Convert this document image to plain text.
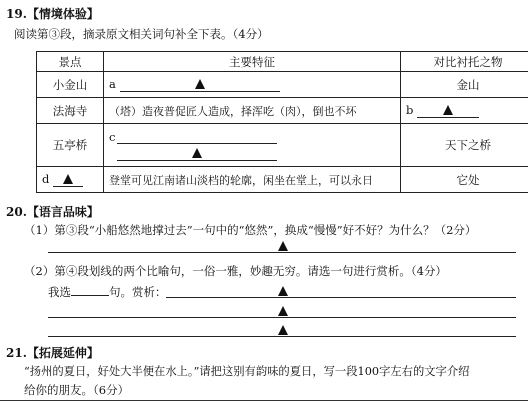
19.【情境体验】
阅读第③段，摘录原文相关词句补全下表。（4分）
景点	主要特征	对比衬托之物
小金山	a	金山
法海寺	（塔）造夜普促匠人造成，择浑吃（肉），倒也不坏	b
五亭桥	c	天下之桥
d	登堂可见江南诸山淡档的轮廓，闲坐在堂上，可以永日	它处
20.【语言品味】
（1）第③段“小船悠然地撑过去”一句中的“悠然”，换成“慢慢”好不好？为什么？（2分）
（2）第④段划线的两个比喻句，一俗一雅，妙趣无穷。请选一句进行赏析。（4分）
我选	句。赏析：
21.【拓展延伸】
“扬州的夏日，好处大半便在水上。”请把这别有韵味的夏日，写一段100字左右的文字介绍
给你的朋友。（6分）
